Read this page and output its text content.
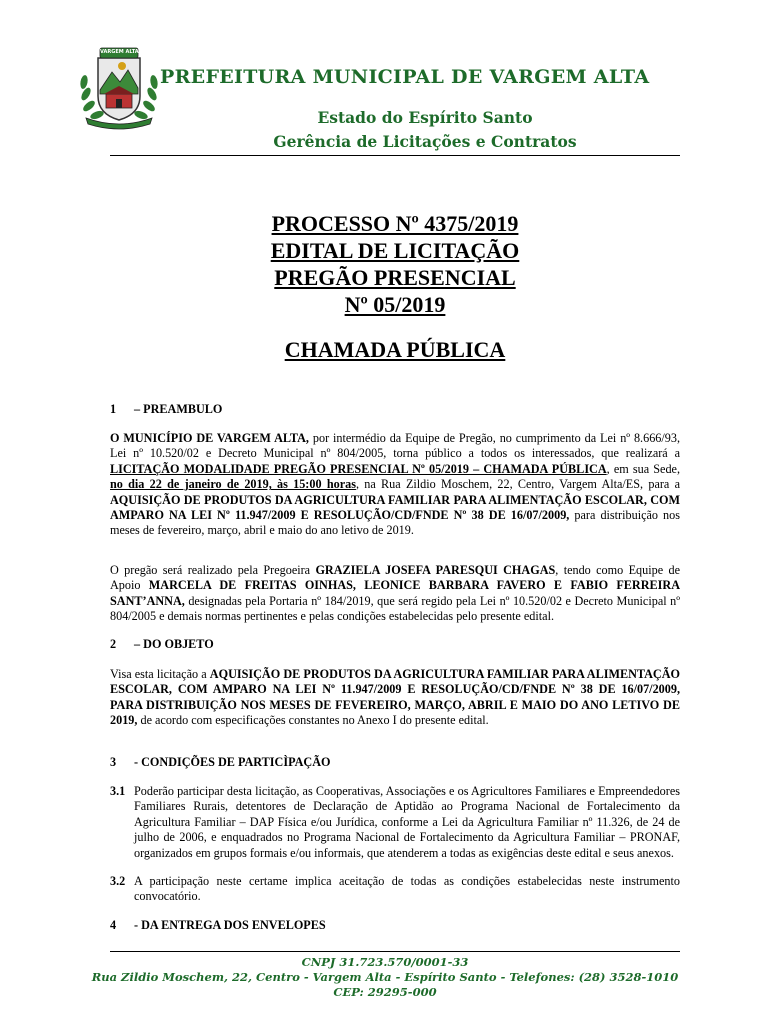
VARGEM ALTA
PREFEITURA MUNICIPAL DE VARGEM ALTA
Estado do Espírito Santo
Gerência de Licitações e Contratos
PROCESSO Nº 4375/2019
EDITAL DE LICITAÇÃO
PREGÃO PRESENCIAL
Nº 05/2019
CHAMADA PÚBLICA
1 – PREAMBULO

O MUNICÍPIO DE VARGEM ALTA, por intermédio da Equipe de Pregão, no cumprimento da Lei nº 8.666/93, Lei nº 10.520/02 e Decreto Municipal nº 804/2005, torna público a todos os interessados, que realizará a LICITAÇÃO MODALIDADE PREGÃO PRESENCIAL Nº 05/2019 – CHAMADA PÚBLICA, em sua Sede, no dia 22 de janeiro de 2019, às 15:00 horas, na Rua Zildio Moschem, 22, Centro, Vargem Alta/ES, para a AQUISIÇÃO DE PRODUTOS DA AGRICULTURA FAMILIAR PARA ALIMENTAÇÃO ESCOLAR, COM AMPARO NA LEI Nº 11.947/2009 E RESOLUÇÃO/CD/FNDE Nº 38 DE 16/07/2009, para distribuição nos meses de fevereiro, março, abril e maio do ano letivo de 2019.

O pregão será realizado pela Pregoeira GRAZIELA JOSEFA PARESQUI CHAGAS, tendo como Equipe de Apoio MARCELA DE FREITAS OINHAS, LEONICE BARBARA FAVERO E FABIO FERREIRA SANT’ANNA, designadas pela Portaria nº 184/2019, que será regido pela Lei nº 10.520/02 e Decreto Municipal nº 804/2005 e demais normas pertinentes e pelas condições estabelecidas pelo presente edital.

2 – DO OBJETO

Visa esta licitação a AQUISIÇÃO DE PRODUTOS DA AGRICULTURA FAMILIAR PARA ALIMENTAÇÃO ESCOLAR, COM AMPARO NA LEI Nº 11.947/2009 E RESOLUÇÃO/CD/FNDE Nº 38 DE 16/07/2009, PARA DISTRIBUIÇÃO NOS MESES DE FEVEREIRO, MARÇO, ABRIL E MAIO DO ANO LETIVO DE 2019, de acordo com especificações constantes no Anexo I do presente edital.

3 - CONDIÇÕES DE PARTICÌPAÇÃO
3.1 Poderão participar desta licitação, as Cooperativas, Associações e os Agricultores Familiares e Empreendedores Familiares Rurais, detentores de Declaração de Aptidão ao Programa Nacional de Fortalecimento da Agricultura Familiar – DAP Física e/ou Jurídica, conforme a Lei da Agricultura Familiar nº 11.326, de 24 de julho de 2006, e enquadrados no Programa Nacional de Fortalecimento da Agricultura Familiar – PRONAF, organizados em grupos formais e/ou informais, que atenderem a todas as exigências deste edital e seus anexos.
3.2 A participação neste certame implica aceitação de todas as condições estabelecidas neste instrumento convocatório.
4 - DA ENTREGA DOS ENVELOPES
CNPJ 31.723.570/0001-33
Rua Zildio Moschem, 22, Centro - Vargem Alta - Espírito Santo - Telefones: (28) 3528-1010
CEP: 29295-000
